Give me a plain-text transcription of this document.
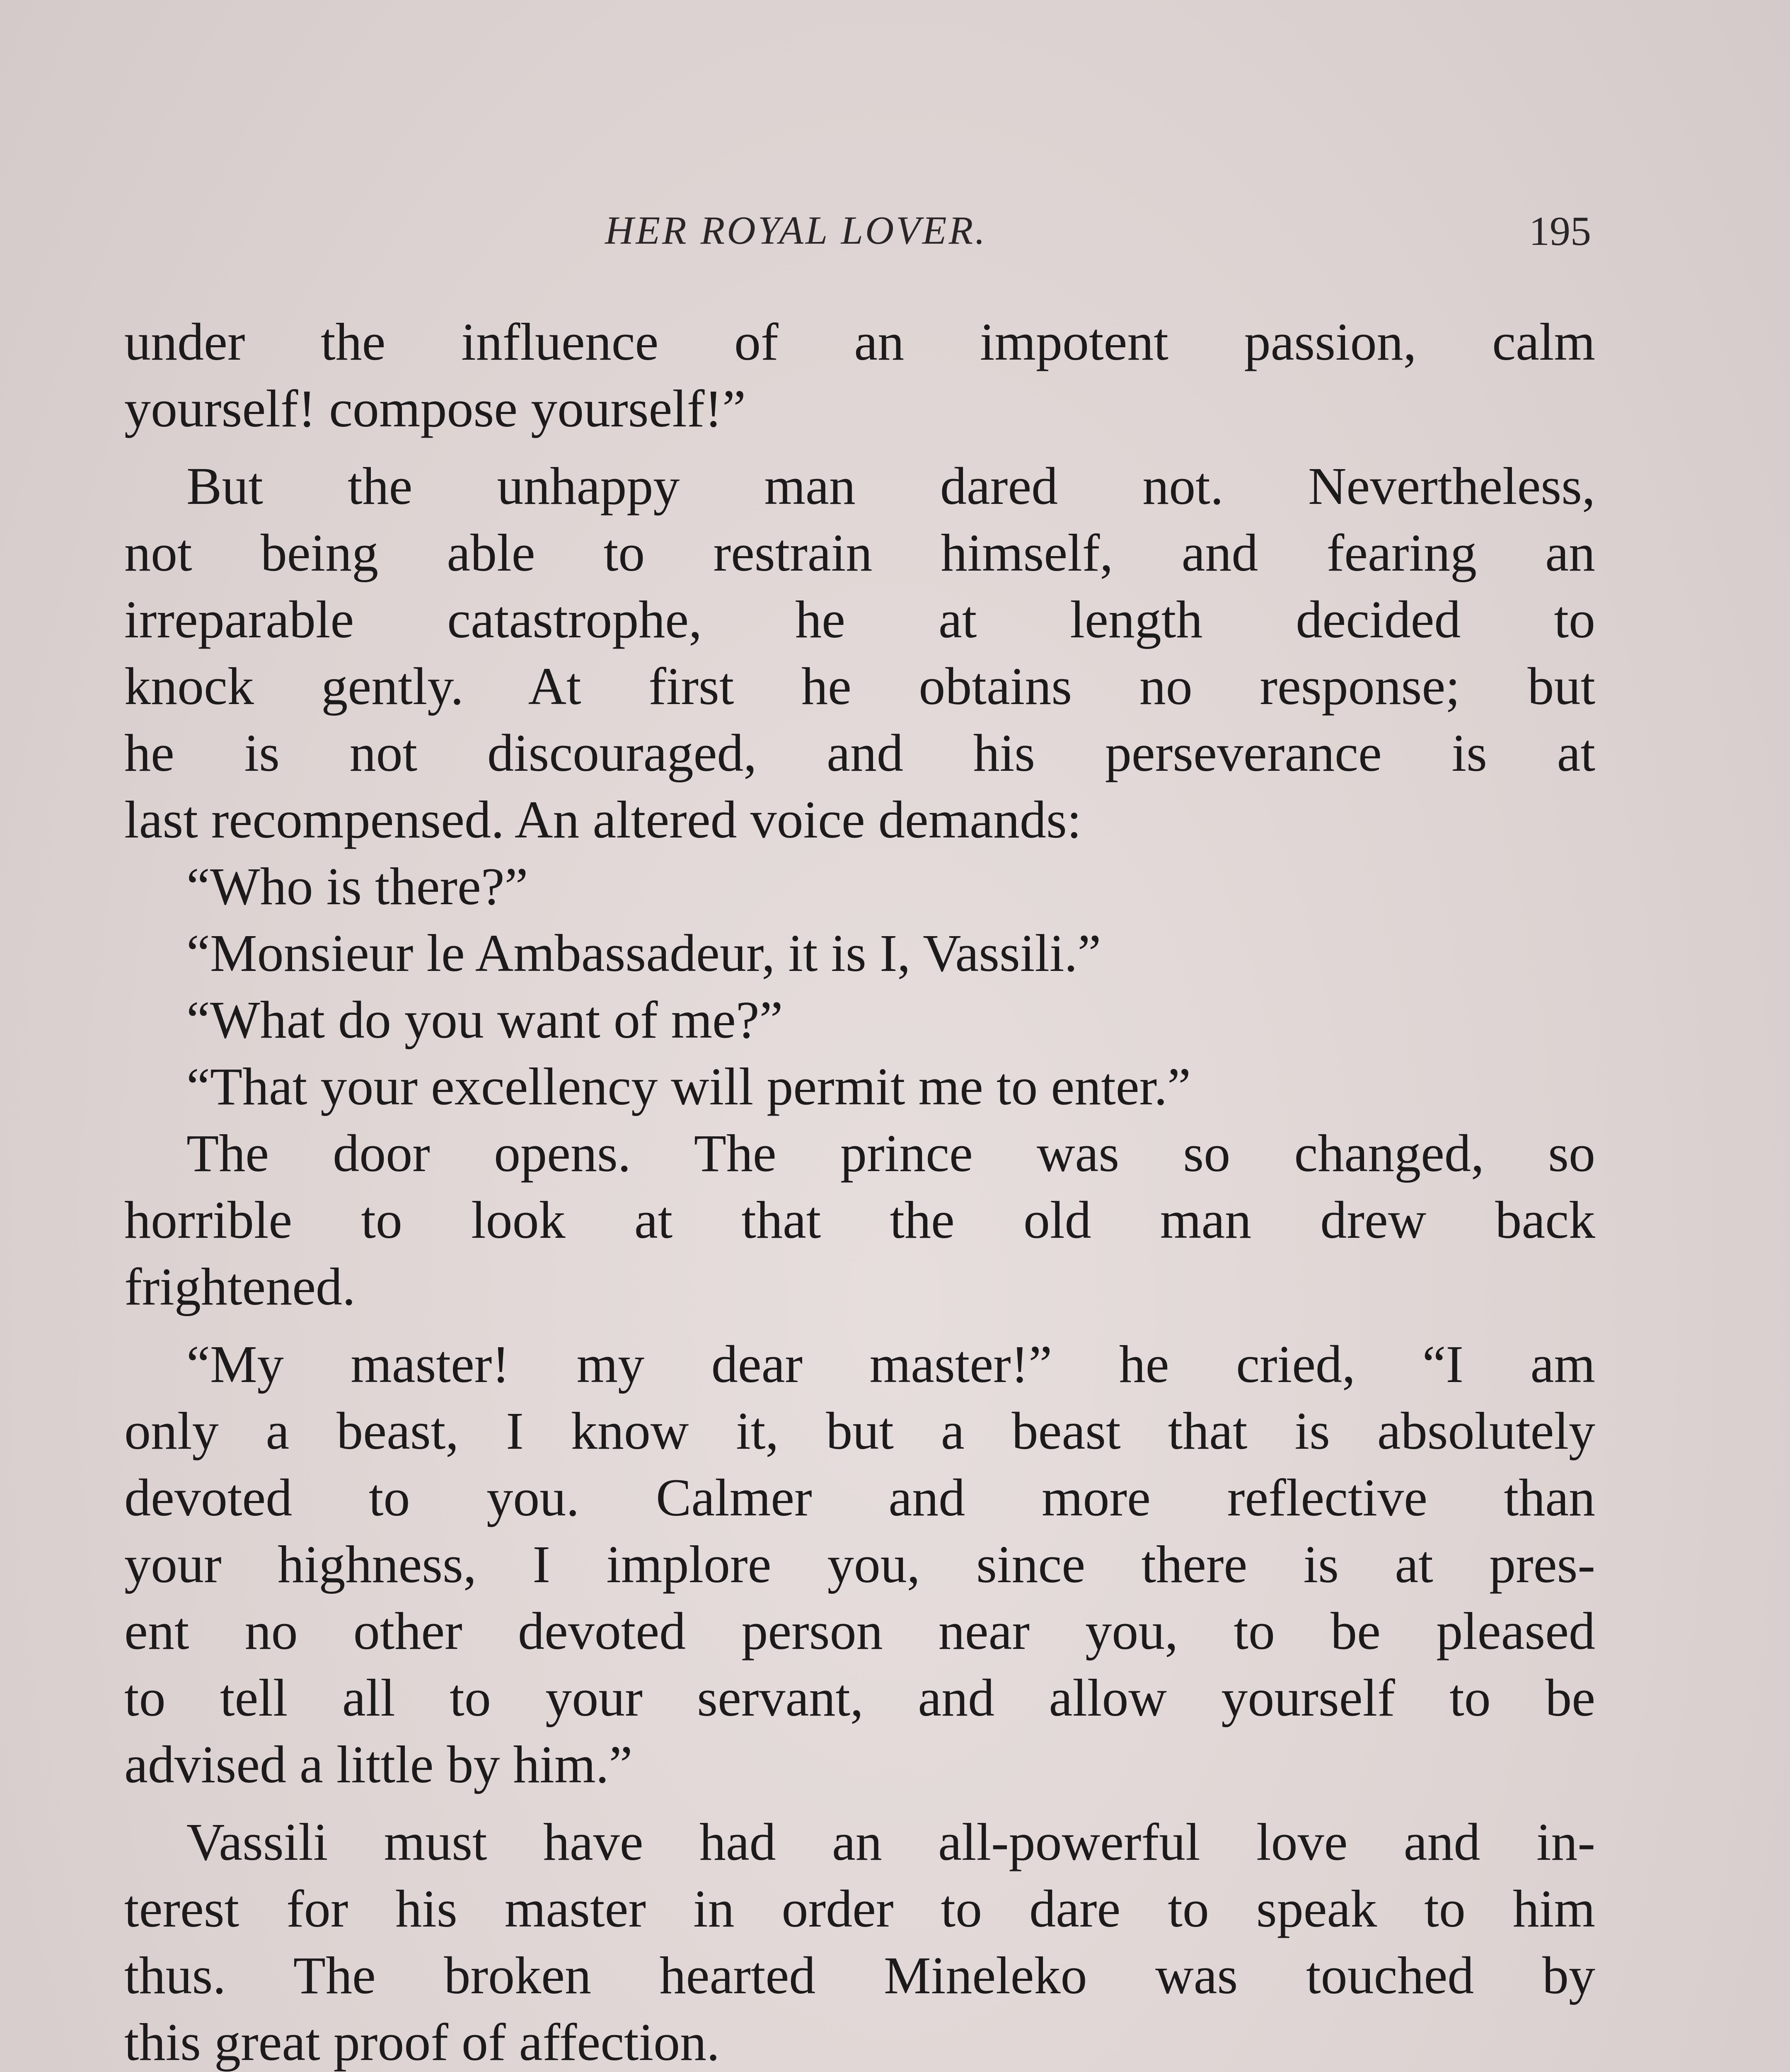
HER ROYAL LOVER.	195
under the influence of an impotent passion, calm
yourself! compose yourself!”
But the unhappy man dared not. Nevertheless,
not being able to restrain himself, and fearing an
irreparable catastrophe, he at length decided to
knock gently. At first he obtains no response; but
he is not discouraged, and his perseverance is at
last recompensed. An altered voice demands:
“Who is there?”
“Monsieur le Ambassadeur, it is I, Vassili.”
“What do you want of me?”
“That your excellency will permit me to enter.”
The door opens. The prince was so changed, so
horrible to look at that the old man drew back
frightened.
“My master! my dear master!” he cried, “I am
only a beast, I know it, but a beast that is absolutely
devoted to you. Calmer and more reflective than
your highness, I implore you, since there is at pres-
ent no other devoted person near you, to be pleased
to tell all to your servant, and allow yourself to be
advised a little by him.”
Vassili must have had an all-powerful love and in-
terest for his master in order to dare to speak to him
thus. The broken hearted Mineleko was touched by
this great proof of affection.
